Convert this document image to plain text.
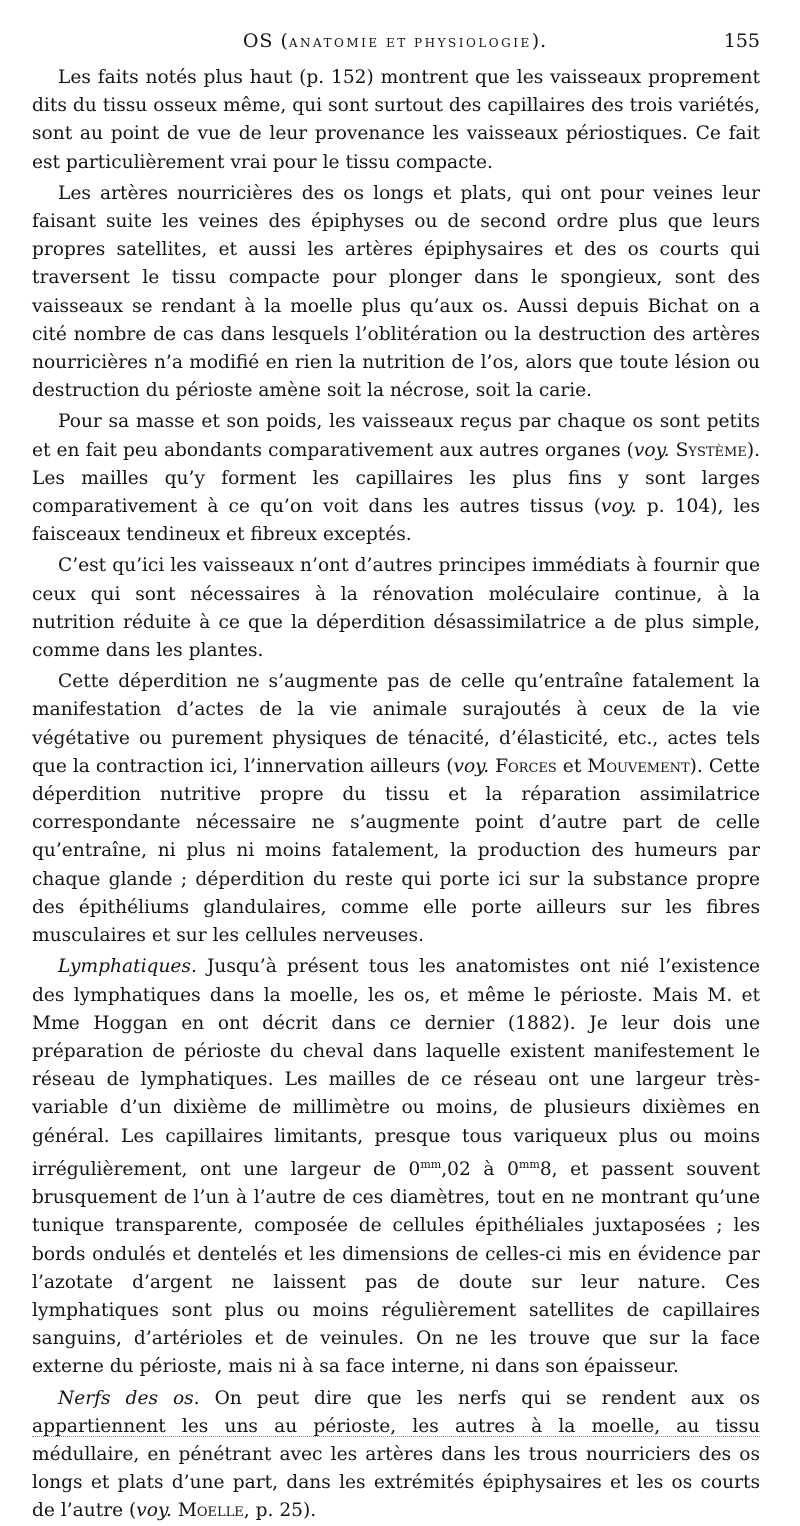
OS (ANATOMIE ET PHYSIOLOGIE).	155

Les faits notés plus haut (p. 152) montrent que les vaisseaux proprement dits du tissu osseux même, qui sont surtout des capillaires des trois variétés, sont au point de vue de leur provenance les vaisseaux périostiques. Ce fait est particulièrement vrai pour le tissu compacte.

Les artères nourricières des os longs et plats, qui ont pour veines leur faisant suite les veines des épiphyses ou de second ordre plus que leurs propres satellites, et aussi les artères épiphysaires et des os courts qui traversent le tissu compacte pour plonger dans le spongieux, sont des vaisseaux se rendant à la moelle plus qu’aux os. Aussi depuis Bichat on a cité nombre de cas dans lesquels l’oblitération ou la destruction des artères nourricières n’a modifié en rien la nutrition de l’os, alors que toute lésion ou destruction du périoste amène soit la nécrose, soit la carie.

Pour sa masse et son poids, les vaisseaux reçus par chaque os sont petits et en fait peu abondants comparativement aux autres organes (voy. Système). Les mailles qu’y forment les capillaires les plus fins y sont larges comparativement à ce qu’on voit dans les autres tissus (voy. p. 104), les faisceaux tendineux et fibreux exceptés.

C’est qu’ici les vaisseaux n’ont d’autres principes immédiats à fournir que ceux qui sont nécessaires à la rénovation moléculaire continue, à la nutrition réduite à ce que la déperdition désassimilatrice a de plus simple, comme dans les plantes.

Cette déperdition ne s’augmente pas de celle qu’entraîne fatalement la manifestation d’actes de la vie animale surajoutés à ceux de la vie végétative ou purement physiques de ténacité, d’élasticité, etc., actes tels que la contraction ici, l’innervation ailleurs (voy. Forces et Mouvement). Cette déperdition nutritive propre du tissu et la réparation assimilatrice correspondante nécessaire ne s’augmente point d’autre part de celle qu’entraîne, ni plus ni moins fatalement, la production des humeurs par chaque glande ; déperdition du reste qui porte ici sur la substance propre des épithéliums glandulaires, comme elle porte ailleurs sur les fibres musculaires et sur les cellules nerveuses.

Lymphatiques. Jusqu’à présent tous les anatomistes ont nié l’existence des lymphatiques dans la moelle, les os, et même le périoste. Mais M. et Mme Hoggan en ont décrit dans ce dernier (1882). Je leur dois une préparation de périoste du cheval dans laquelle existent manifestement le réseau de lymphatiques. Les mailles de ce réseau ont une largeur très-variable d’un dixième de millimètre ou moins, de plusieurs dixièmes en général. Les capillaires limitants, presque tous variqueux plus ou moins irrégulièrement, ont une largeur de $0^{mm},02$ à $0^{mm}8$, et passent souvent brusquement de l’un à l’autre de ces diamètres, tout en ne montrant qu’une tunique transparente, composée de cellules épithéliales juxtaposées ; les bords ondulés et dentelés et les dimensions de celles-ci mis en évidence par l’azotate d’argent ne laissent pas de doute sur leur nature. Ces lymphatiques sont plus ou moins régulièrement satellites de capillaires sanguins, d’artérioles et de veinules. On ne les trouve que sur la face externe du périoste, mais ni à sa face interne, ni dans son épaisseur.

Nerfs des os. On peut dire que les nerfs qui se rendent aux os appartiennent les uns au périoste, les autres à la moelle, au tissu médullaire, en pénétrant avec les artères dans les trous nourriciers des os longs et plats d’une part, dans les extrémités épiphysaires et les os courts de l’autre (voy. Moelle, p. 25).
